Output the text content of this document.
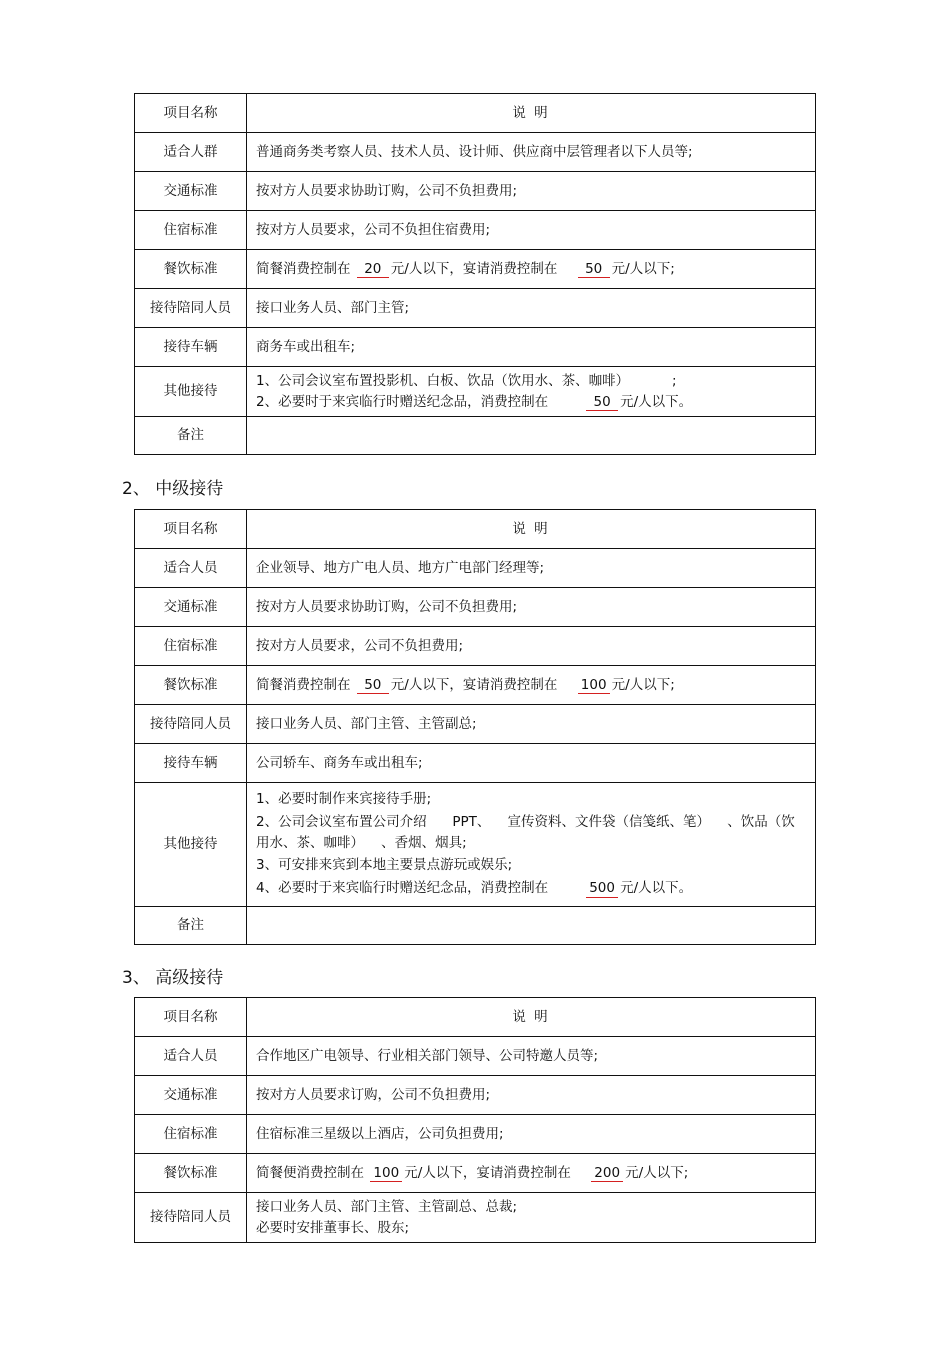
项目名称	说 明
适合人群	普通商务类考察人员、技术人员、设计师、供应商中层管理者以下人员等;
交通标准	按对方人员要求协助订购，公司不负担费用;
住宿标准	按对方人员要求，公司不负担住宿费用;
餐饮标准	简餐消费控制在 20 元/人以下，宴请消费控制在 50 元/人以下;
接待陪同人员	接口业务人员、部门主管;
接待车辆	商务车或出租车;
其他接待	1、公司会议室布置投影机、白板、饮品（饮用水、茶、咖啡）          ;
2、必要时于来宾临行时赠送纪念品，消费控制在 50 元/人以下。

备注	
2、 中级接待
项目名称	说 明
适合人员	企业领导、地方广电人员、地方广电部门经理等;
交通标准	按对方人员要求协助订购，公司不负担费用;
住宿标准	按对方人员要求，公司不负担费用;
餐饮标准	简餐消费控制在 50 元/人以下，宴请消费控制在 100 元/人以下;
接待陪同人员	接口业务人员、部门主管、主管副总;
接待车辆	公司轿车、商务车或出租车;
其他接待	1、必要时制作来宾接待手册;
2、公司会议室布置公司介绍      PPT、    宣传资料、文件袋（信笺纸、笔）    、饮品（饮用水、茶、咖啡）    、香烟、烟具;
3、可安排来宾到本地主要景点游玩或娱乐;
4、必要时于来宾临行时赠送纪念品，消费控制在 500 元/人以下。

备注	
3、 高级接待
项目名称	说 明
适合人员	合作地区广电领导、行业相关部门领导、公司特邀人员等;
交通标准	按对方人员要求订购，公司不负担费用;
住宿标准	住宿标准三星级以上酒店，公司负担费用;
餐饮标准	简餐便消费控制在 100 元/人以下，宴请消费控制在 200 元/人以下;
接待陪同人员	接口业务人员、部门主管、主管副总、总裁;
必要时安排董事长、股东;
